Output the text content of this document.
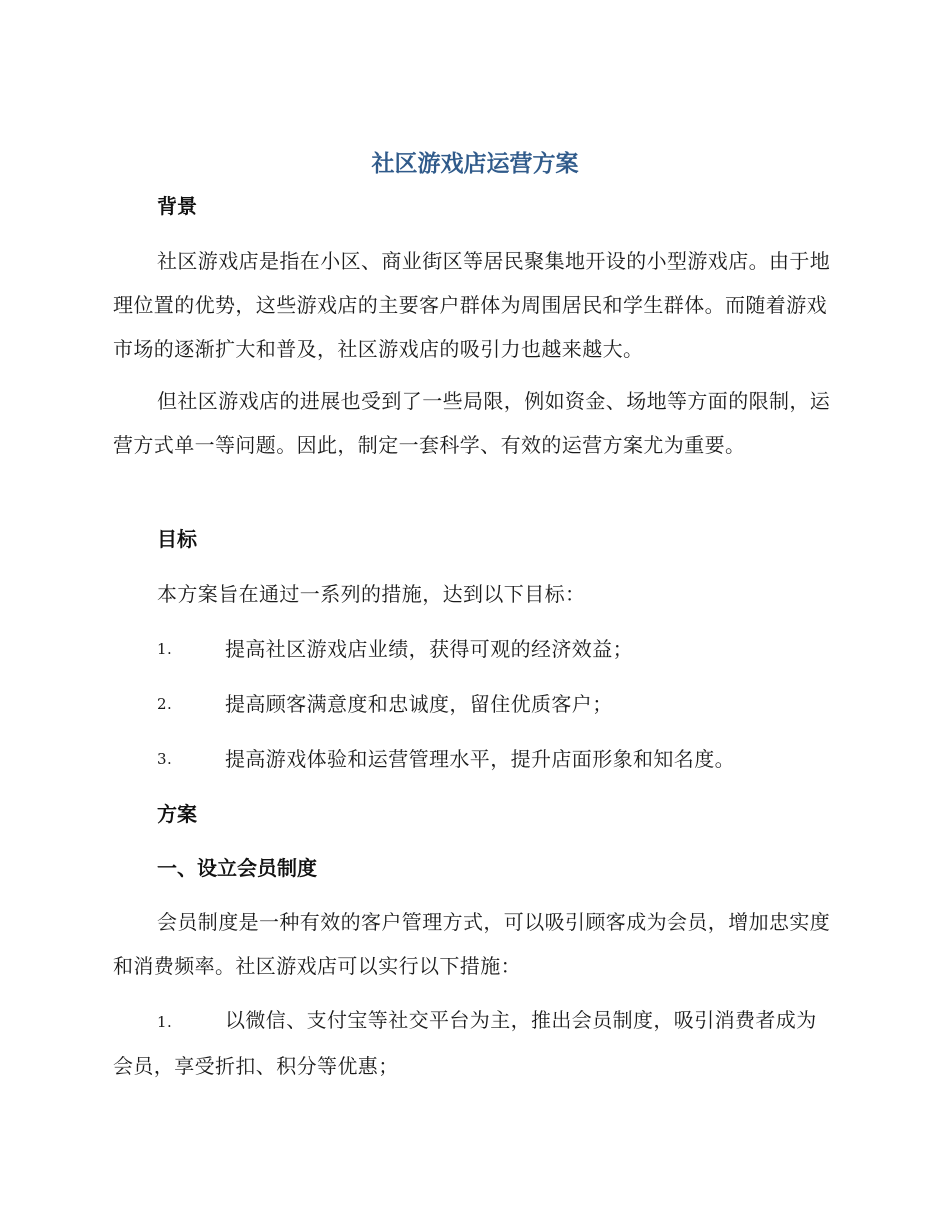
社区游戏店运营方案
背景
社区游戏店是指在小区、商业街区等居民聚集地开设的小型游戏店。由于地理位置的优势，这些游戏店的主要客户群体为周围居民和学生群体。而随着游戏市场的逐渐扩大和普及，社区游戏店的吸引力也越来越大。
但社区游戏店的进展也受到了一些局限，例如资金、场地等方面的限制，运营方式单一等问题。因此，制定一套科学、有效的运营方案尤为重要。
目标
本方案旨在通过一系列的措施，达到以下目标：
1.	提高社区游戏店业绩，获得可观的经济效益；
2.	提高顾客满意度和忠诚度，留住优质客户；
3.	提高游戏体验和运营管理水平，提升店面形象和知名度。
方案
一、设立会员制度
会员制度是一种有效的客户管理方式，可以吸引顾客成为会员，增加忠实度和消费频率。社区游戏店可以实行以下措施：
1.	以微信、支付宝等社交平台为主，推出会员制度，吸引消费者成为会员，享受折扣、积分等优惠；
